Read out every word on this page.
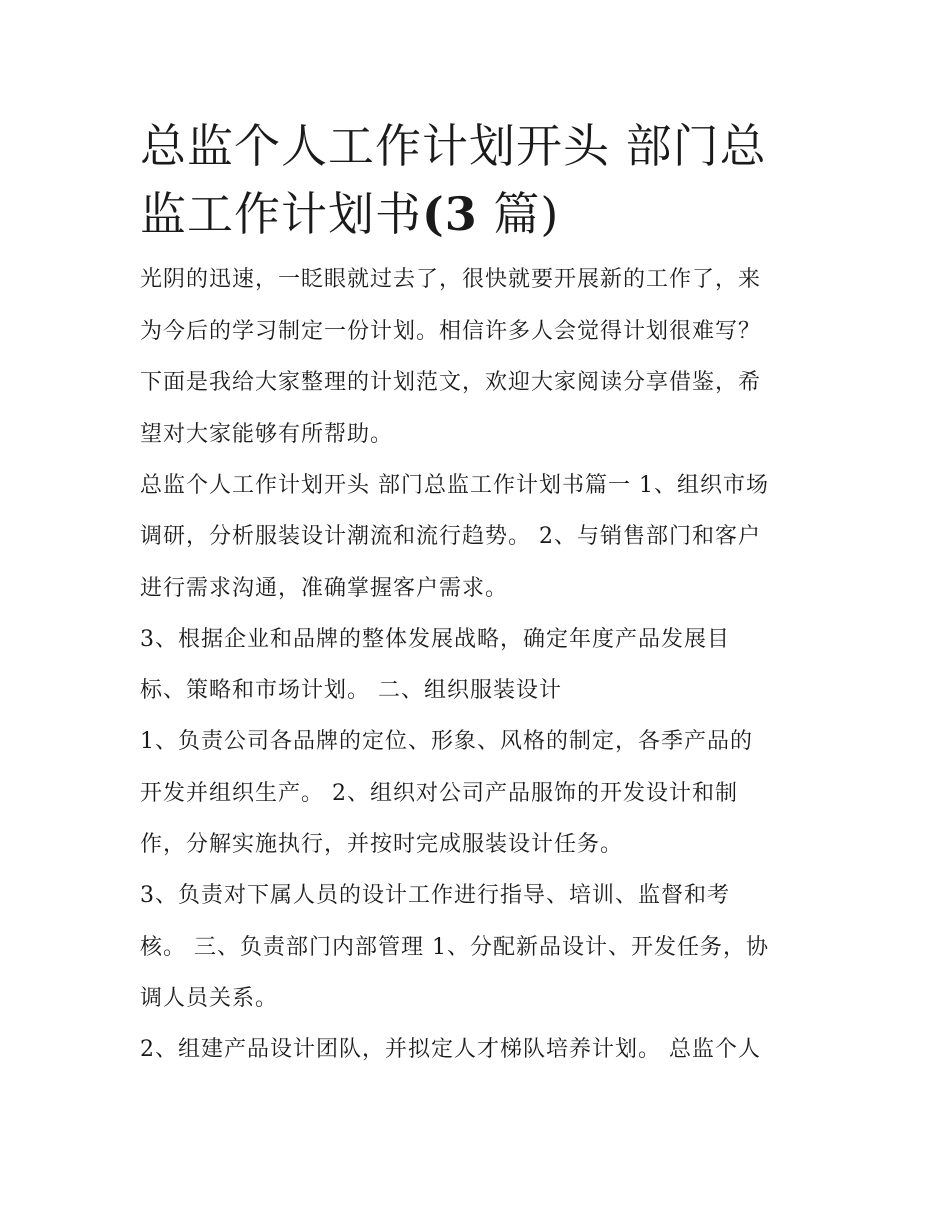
总监个人工作计划开头 部门总
监工作计划书(3 篇)
光阴的迅速，一眨眼就过去了，很快就要开展新的工作了，来
为今后的学习制定一份计划。相信许多人会觉得计划很难写？
下面是我给大家整理的计划范文，欢迎大家阅读分享借鉴，希
望对大家能够有所帮助。
总监个人工作计划开头 部门总监工作计划书篇一 1、组织市场
调研，分析服装设计潮流和流行趋势。 2、与销售部门和客户
进行需求沟通，准确掌握客户需求。
3、根据企业和品牌的整体发展战略，确定年度产品发展目
标、策略和市场计划。 二、组织服装设计
1、负责公司各品牌的定位、形象、风格的制定，各季产品的
开发并组织生产。 2、组织对公司产品服饰的开发设计和制
作，分解实施执行，并按时完成服装设计任务。
3、负责对下属人员的设计工作进行指导、培训、监督和考
核。 三、负责部门内部管理 1、分配新品设计、开发任务，协
调人员关系。
2、组建产品设计团队，并拟定人才梯队培养计划。 总监个人
